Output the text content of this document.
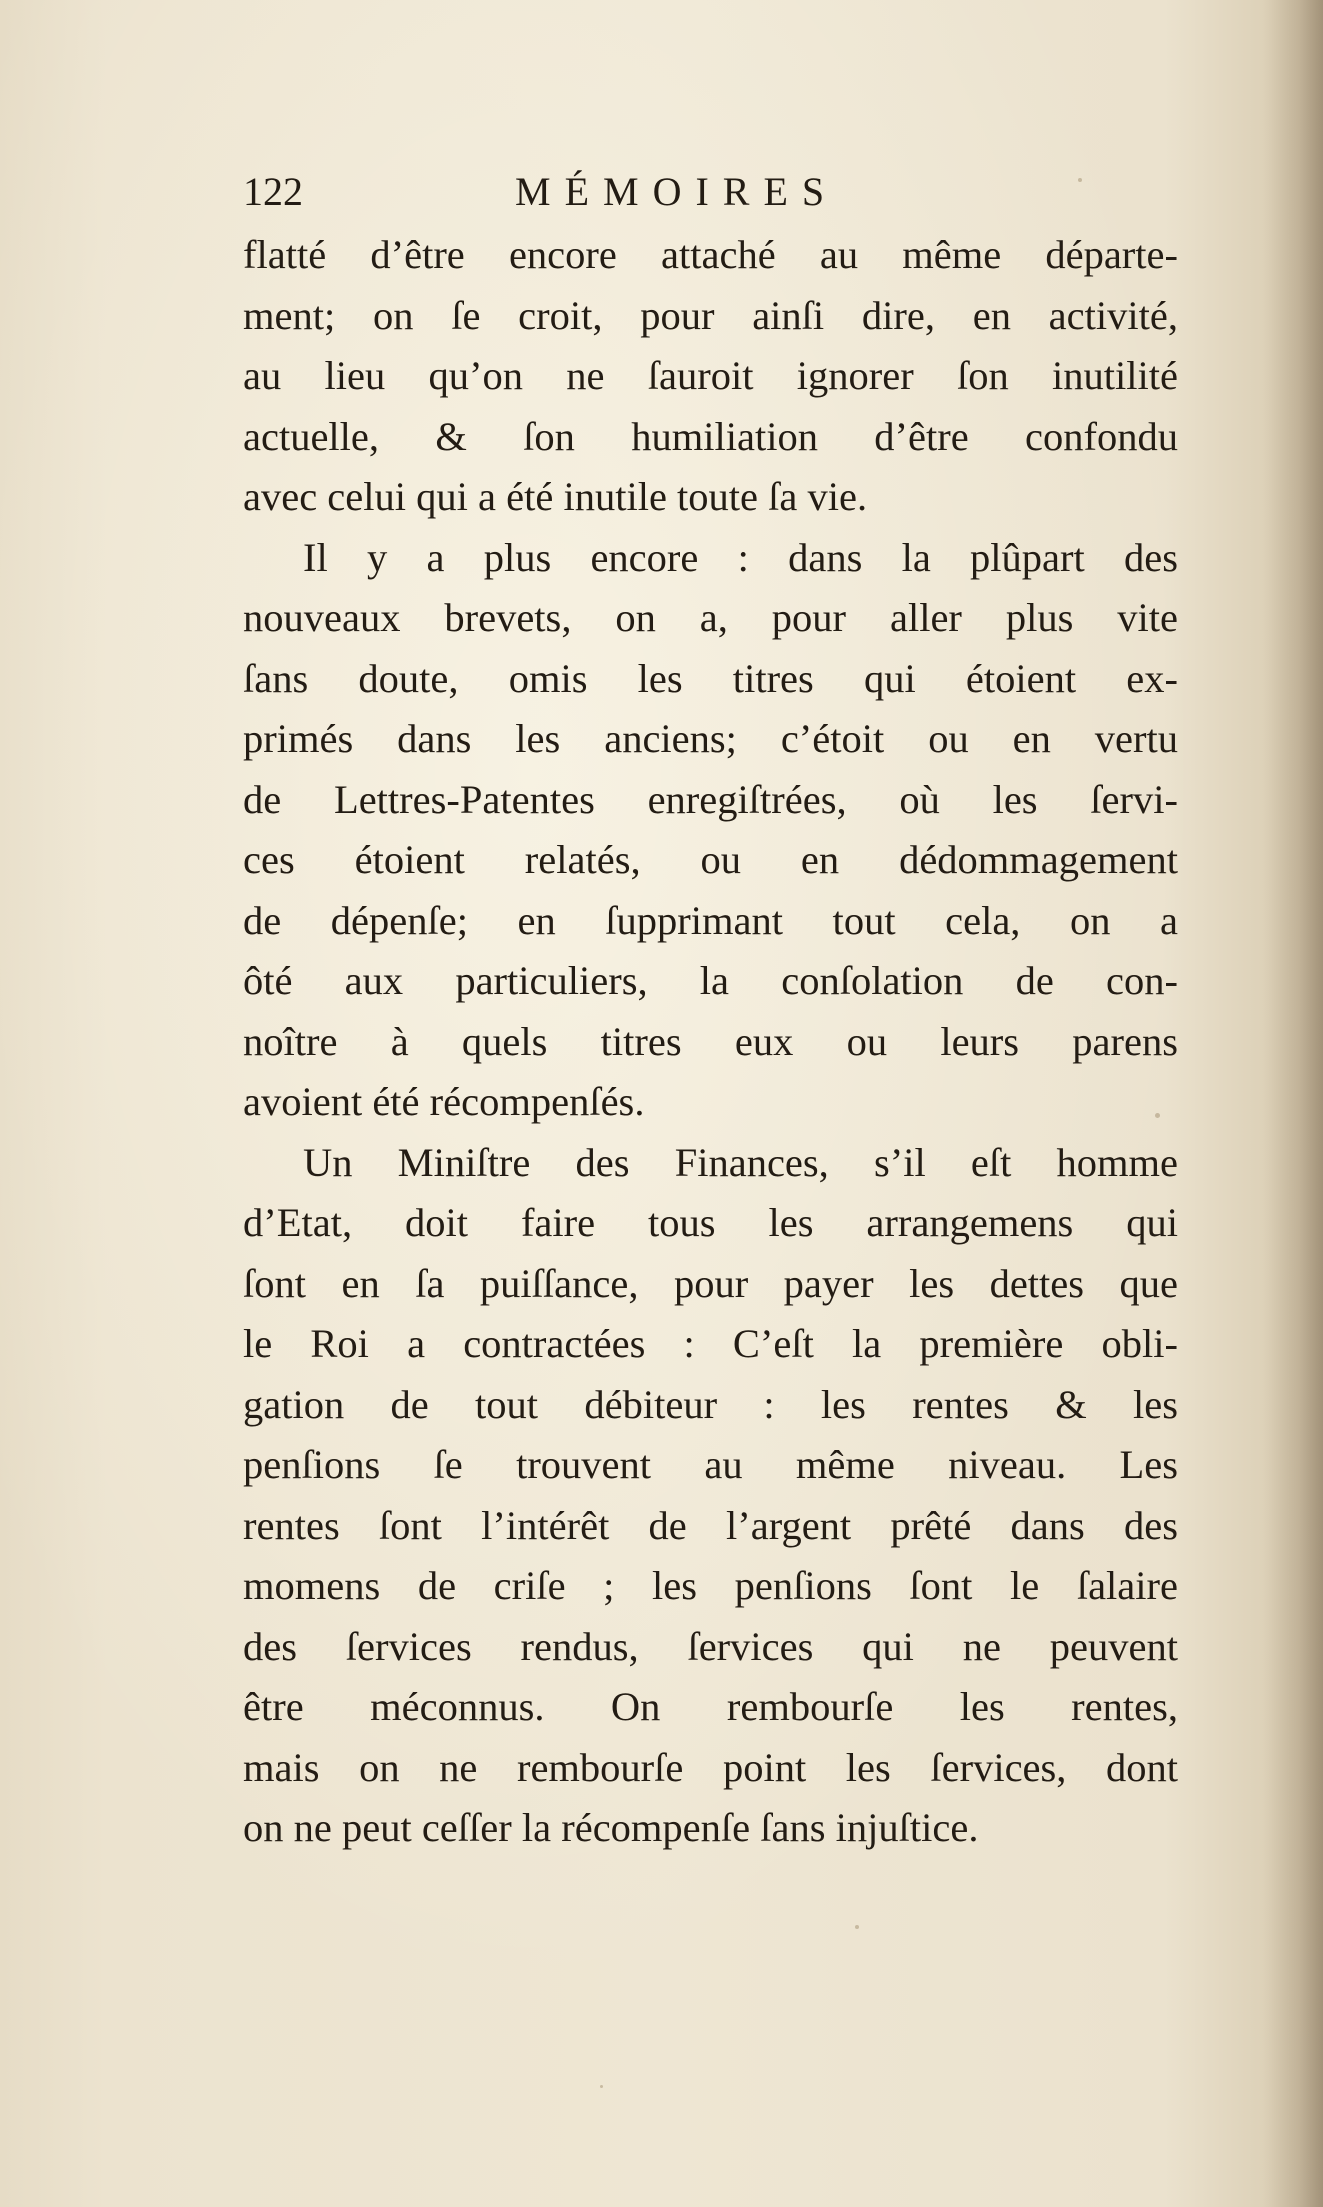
122	MÉMOIRES
flatté d’être encore attaché au même départe-
ment; on ſe croit, pour ainſi dire, en activité,
au lieu qu’on ne ſauroit ignorer ſon inutilité
actuelle, & ſon humiliation d’être confondu
avec celui qui a été inutile toute ſa vie.
Il y a plus encore : dans la plûpart des
nouveaux brevets, on a, pour aller plus vite
ſans doute, omis les titres qui étoient ex-
primés dans les anciens; c’étoit ou en vertu
de Lettres-Patentes enregiſtrées, où les ſervi-
ces étoient relatés, ou en dédommagement
de dépenſe; en ſupprimant tout cela, on a
ôté aux particuliers, la conſolation de con-
noître à quels titres eux ou leurs parens
avoient été récompenſés.
Un Miniſtre des Finances, s’il eſt homme
d’Etat, doit faire tous les arrangemens qui
ſont en ſa puiſſance, pour payer les dettes que
le Roi a contractées : C’eſt la première obli-
gation de tout débiteur : les rentes & les
penſions ſe trouvent au même niveau. Les
rentes ſont l’intérêt de l’argent prêté dans des
momens de criſe ; les penſions ſont le ſalaire
des ſervices rendus, ſervices qui ne peuvent
être méconnus. On rembourſe les rentes,
mais on ne rembourſe point les ſervices, dont
on ne peut ceſſer la récompenſe ſans injuſtice.
